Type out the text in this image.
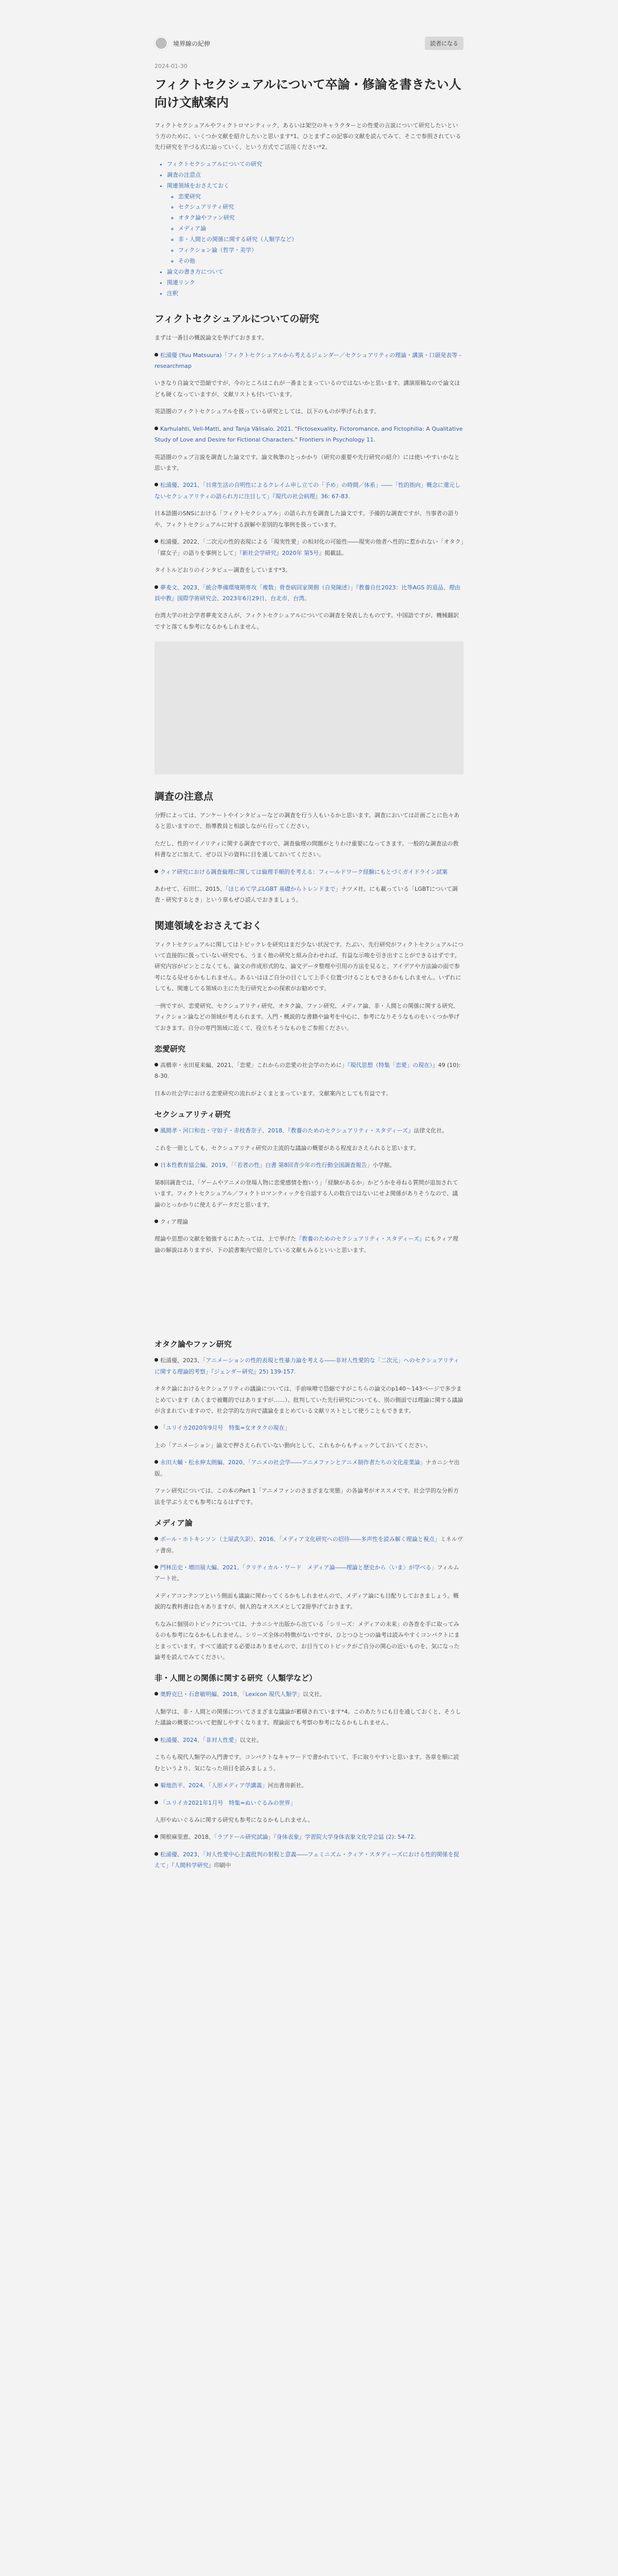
境界線の紀伸	読者になる
2024-01-30
フィクトセクシュアルについて卒論・修論を書きたい人向け文献案内

フィクトセクシュアルやフィクトロマンティック、あるいは架空のキャラクターとの性愛の言説について研究したいという方のために、いくつか文献を紹介したいと思います*1。ひとまずこの記事の文献を読んでみて、そこで参照されている先行研究を芋づる式に辿っていく、という方式でご活用ください*2。

• フィクトセクシュアルについての研究
• 調査の注意点
• 関連領域をおさえておく
◦ 恋愛研究
◦ セクシュアリティ研究
◦ オタク論やファン研究
◦ メディア論
◦ 非・人間との関係に関する研究（人類学など）
◦ フィクション論（哲学・美学）
◦ その他
• 論文の書き方について
• 関連リンク
• 注釈
フィクトセクシュアルについての研究

まずは一番目の概説論文を挙げておきます。

松浦優 (Yuu Matsuura)「フィクトセクシュアルから考えるジェンダー／セクシュアリティの理論・講演・口頭発表等 - researchmap

いきなり自論文で恐縮ですが、今のところはこれが一番まとまっているのではないかと思います。講演原稿なので論文ほども硬くなっていますが、文献リストも付いています。

英語圏のフィクトセクシュアルを扱っている研究としては、以下のものが挙げられます。

Karhulahti, Veli-Matti, and Tanja Välisalo. 2021. "Fictosexuality, Fictoromance, and Fictophilia: A Qualitative Study of Love and Desire for Fictional Characters." Frontiers in Psychology 11.

英語圏のウェブ言説を調査した論文です。論文執筆のとっかかり（研究の重要や先行研究の紹介）には使いやすいかなと思います。

松浦優、2021、「日常生活の自明性によるクレイム申し立ての「予め」の時間／体系」――「性的指向」概念に還元しないセクシュアリティの語られ方に注目して」『現代の社会病理』36: 67-83.

日本語圏のSNSにおける「フィクトセクシュアル」の語られ方を調査した論文です。予備的な調査ですが、当事者の語りや、フィクトセクシュアルに対する誤解や差別的な事例を扱っています。

松浦優、2022、「二次元の性的表現による「現実性愛」の相対化の可能性――現実の他者へ性的に惹かれない「オタク」「腐女子」の語りを事例として」『新社会学研究』2020年 第5号』掲載誌。

タイトルどおりのインタビュー調査をしています*3。

夢麦文、2023、「統合準備環境期専攻「複数」骨巻病回家関側（自発陳述）」『教養自仕2023：比等AGS 的退品、理由員中教』国際学術研究会、2023年6月29日、台北市、台湾。

台湾大学の社会学者夢麦文さんが、フィクトセクシュアルについての調査を発表したものです。中国語ですが、機械翻訳ですと落ても参考になるかもしれません。

調査の注意点

分野によっては、アンケートやインタビューなどの調査を行う人もいるかと思います。調査においては計画ごとに色々あると思いますので、指導教員と相談しながら行ってください。

ただし、性的マイノリティに関する調査ですので、調査倫理の問題がとりわけ重要になってきます。一般的な調査法の教科書などに加えて、ぜひ以下の資料に目を通しておいてください。

クィア研究における調査倫理に関しては倫理手順的を考える：フィールドワーク経験にもとづくガイドライン試案

あわせて、石田仁、2015、「ほじめて学ぶLGBT 基礎からトレンドまで」ナツメ社。にも載っている「LGBTについて調査・研究するとき」という章もぜひ読んでおきましょう。

関連領域をおさえておく

フィクトセクシュアルに関してはトピックレを研究はまだ少ない状況です。たぶい、先行研究がフィクトセクシュアルについて直接的に扱っていない研究でも、うまく他の研究と組み合わせれば、有益な示唆を引き出すことができるはずです。研究内容がピンとこなくても、論文の作成形式的な、論文データ整理や引用の方法を見ると、アイデアや方法論の面で参考になる見せるかもしれません。あるいはほご自分の目ぐして上手く位置づけることもできるかもしれません。いずれにしても、関連してる領域の主にた先行研究とかの探索がお勧めです。

一例ですが、恋愛研究、セクシュアリティ研究、オタク論、ファン研究、メディア論、非・人間との関係に関する研究、フィクション論などの領域が考えられます。入門・概説的な書籍や論考を中心に、参考になりそうなものをいくつか挙げておきます。自分の専門領域に近くて、役立ちそうなものをご参照ください。

恋愛研究

高橋幸・永田夏来編、2021、「恋愛」これからの恋愛の社会学のために」『現代思想（特集「恋愛」の現在）』49 (10): 8-30.

日本の社会学における恋愛研究の流れがよくまとまっています。文献案内としても有益です。

セクシュアリティ研究

風間孝・河口和也・守如子・赤枝香奈子、2018、『教養のためのセクシュアリティ・スタディーズ』法律文化社。

これを一冊としても、セクシュアリティ研究の主流的な議論の概要がある程度おさえられると思います。

日本性教育協会編、2019、「「若者の性」白書 第8回青少年の性行動全国調査報告」小学館。

第8回調査では、「ゲームやアニメの登場人物に恋愛感情を抱いう」「経験があるか」かどうかを尋ねる質問が追加されています。フィクトセクシュアル／フィクトロマンティックを自認する人の数自ではないにせよ関係がありそうなので、議論のとっかかりに使えるデータだと思います。

クィア理論

理論や思想の文献を勉強するにあたっては、上で挙げた『教養のためのセクシュアリティ・スタディーズ』にもクィア理論の解説はありますが、下の読書案内で紹介している文献もみるといいと思います。

オタク論やファン研究

松浦優、2023、「アニメーションの性的表現と性暴力論を考える――非対人性愛的な「二次元」へのセクシュアリティに関する理論的考察」『ジェンダー研究』25) 139-157.

オタク論におけるセクシュアリティの議論については、手前味噌で恐縮ですがこちらの論文のp140〜143ページで多少まとめています（あくまで被難的ではありますが……）。批判していた先行研究についても、別の側面では理論に関する議論が含まれていますので、社会学的な方向で議論をまとめている文献リストとして使うこともできます。

「ユリイカ2020年9月号　特集=女オタクの現在」

上の「アニメーション」論文で押さえられていない動向として、これもからもチェックしておいてください。

永田大輔・松永伸太朗編、2020、「アニメの社会学――アニメファンとアニメ制作者たちの文化産業論」ナカニシヤ出版。

ファン研究については、この本のPart 1「アニメファンのさまざまな実態」の各論考がオススメです。社会学的な分析方法を学ぶうえでも参考になるはずです。

メディア論

ボール・ホトキンソン（土屋武久訳）、2016、「メディア文化研究への招待――多声性を読み解く理論と視点」ミネルヴァ書房。

門林岳史・増田展大編、2021、「クリティカル・ワード　メディア論――理論と歴史から〈いま〉が学べる」フィルムアート社。

メディアコンテンツという側面も議論に関わってくるかもしれませんので、メディア論にも目配りしておきましょう。概説的な教科書は色々ありますが、個人的なオススメとして2冊挙げておきます。

ちなみに個別のトピックについては、ナカニシヤ出版から出ている「シリーズ：メディアの未来」の各巻を手に取ってみるのも参考になるかもしれません。シリーズ全体の特徴がないですが、ひとつひとつの論考は読みやすくコンパクトにまとまっています。すべて通読する必要はありませんので、お目当てのトピックがご自分の関心の近いものを、気になった論考を読んでみてください。

非・人間との関係に関する研究（人類学など）

奥野克巳・石倉敏明編、2018、「Lexicon 現代人類学」以文社。

人類学は、非・人間との関係についてさまざまな議論が蓄積されています*4。このあたりにも目を通しておくと、そうした議論の概要について把握しやすくなります。理論面でも考察の参考になるかもしれません。

松浦優、2024、「非対人性愛」以文社。

こちらも現代人類学の入門書です。コンパクトなキャワードで書かれていて、手に取りやすいと思います。各章を順に読むというより、気になった項目を読みましょう。

菊地浩平、2024、「人形メディア学講義」河出書房新社。

「ユリイカ2021年1月号　特集=ぬいぐるみの世界」

人形やぬいぐるみに関する研究も参考になるかもしれません。

関根麻里恵、2018、「ラブドール研究試論」『身体表象』学習院大学身体表象文化学会誌 (2): 54-72.

松浦優、2023、「対人性愛中心主義批判の射程と意義――フェミニズム・クィア・スタディーズにおける性的関係を捉えて」『人間科学研究』印刷中
